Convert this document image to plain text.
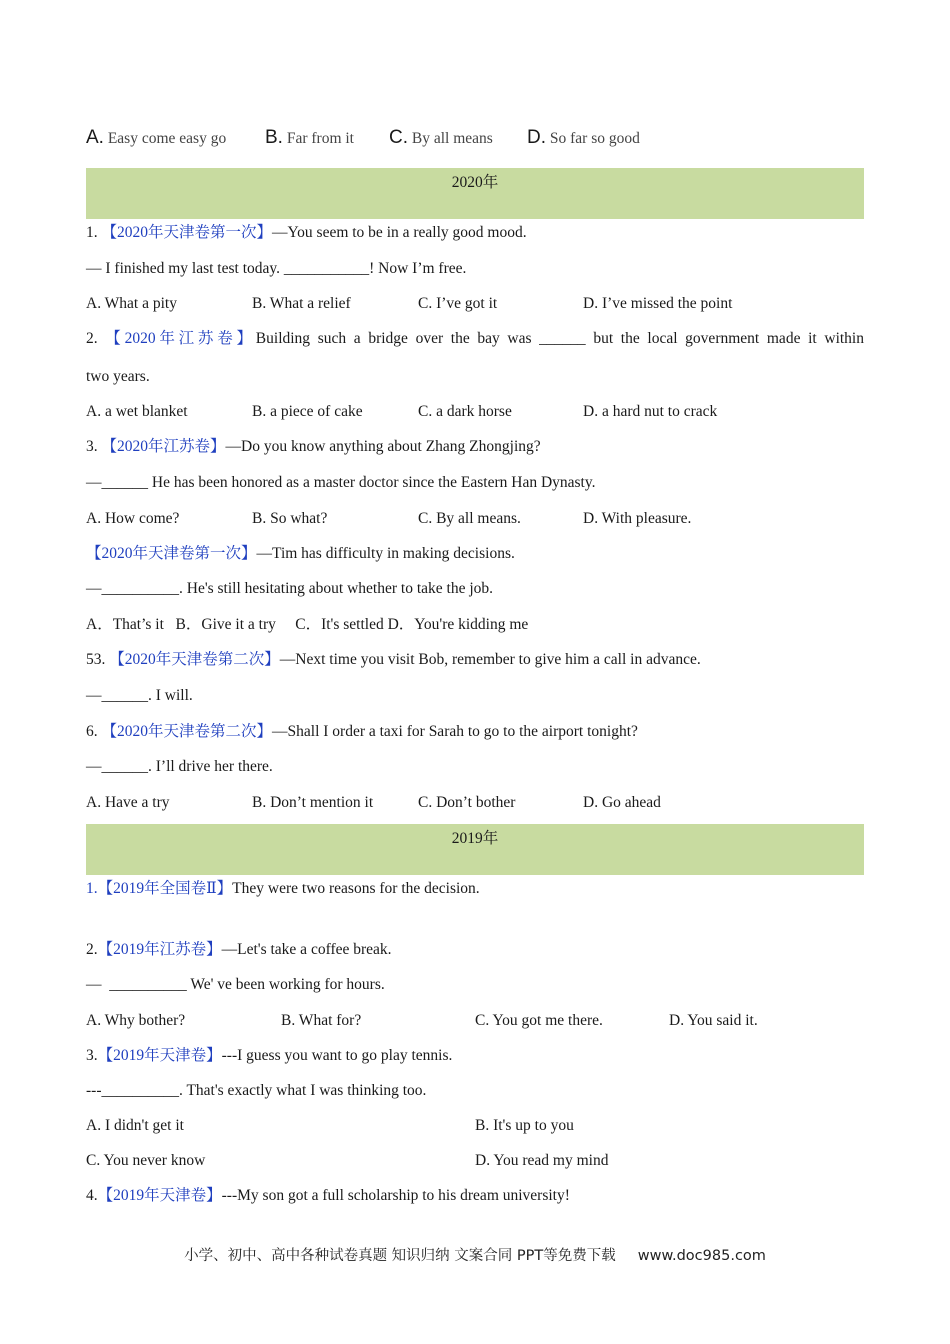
A. Easy come easy go B. Far from it C. By all means D. So far so good
2020年
1. 【2020年天津卷第一次】—You seem to be in a really good mood.
— I finished my last test today. ___________! Now I’m free.
A. What a pity	B. What a relief	C. I’ve got it	D. I’ve missed the point
2. 【2020年江苏卷】Building such a bridge over the bay was ______ but the local government made it within
two years.
A. a wet blanket	B. a piece of cake	C. a dark horse	D. a hard nut to crack
3. 【2020年江苏卷】—Do you know anything about Zhang Zhongjing?
—______ He has been honored as a master doctor since the Eastern Han Dynasty.
A. How come?	B. So what?	C. By all means.	D. With pleasure.
【2020年天津卷第一次】—Tim has difficulty in making decisions.
—__________. He's still hesitating about whether to take the job.
A．That’s it   B．Give it a try     C．It's settled D．You're kidding me
53. 【2020年天津卷第二次】—Next time you visit Bob, remember to give him a call in advance.
—______. I will.
6. 【2020年天津卷第二次】—Shall I order a taxi for Sarah to go to the airport tonight?
—______. I’ll drive her there.
A. Have a try	B. Don’t mention it	C. Don’t bother	D. Go ahead
2019年
1.【2019年全国卷Ⅱ】They were two reasons for the decision.
2.【2019年江苏卷】—Let's take a coffee break.
—  __________ We' ve been working for hours.
A. Why bother?	B. What for?	C. You got me there.	D. You said it.
3.【2019年天津卷】---I guess you want to go play tennis.
---__________. That's exactly what I was thinking too.
A. I didn't get it	B. It's up to you
C. You never know	D. You read my mind
4.【2019年天津卷】---My son got a full scholarship to his dream university!
小学、初中、高中各种试卷真题 知识归纳 文案合同 PPT等免费下载 www.doc985.com
